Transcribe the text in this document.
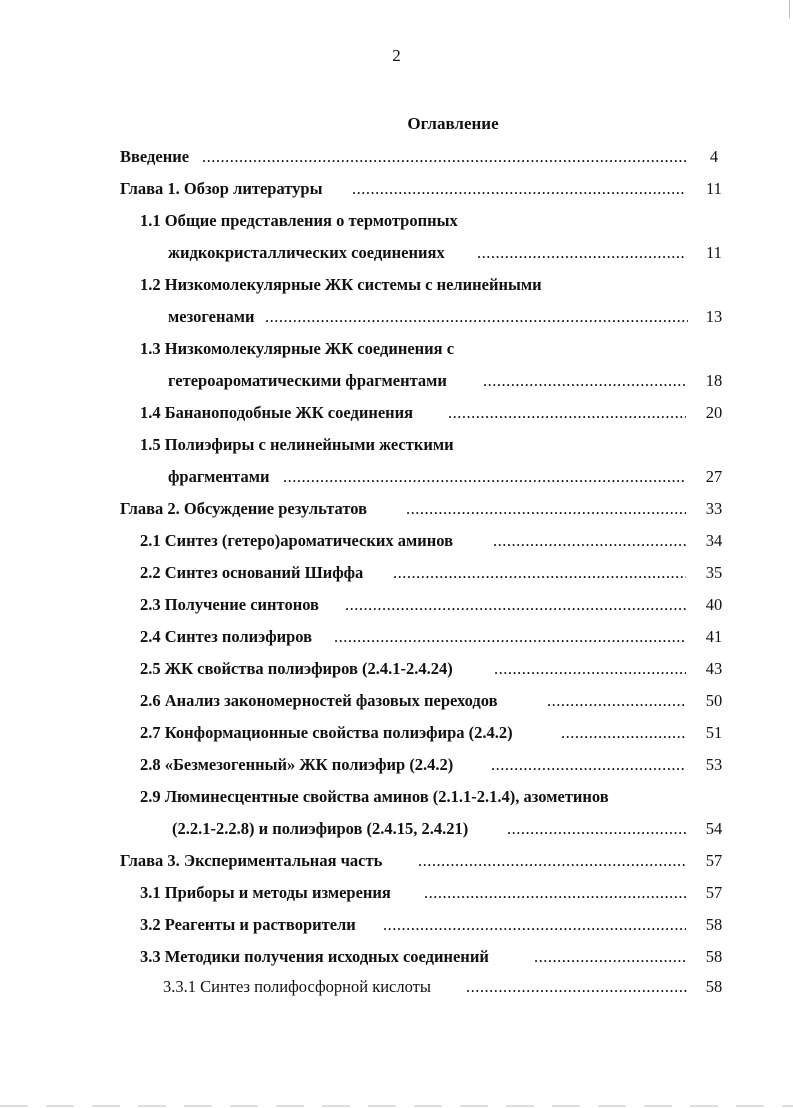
2
Оглавление
Введение .....	4
Глава 1. Обзор литературы .....	11
1.1 Общие представления о термотропных
жидкокристаллических соединениях .....	11
1.2 Низкомолекулярные ЖК системы с нелинейными
мезогенами .....	13
1.3 Низкомолекулярные ЖК соединения с
гетероароматическими фрагментами .....	18
1.4 Бананоподобные ЖК соединения .....	20
1.5 Полиэфиры с нелинейными жесткими
фрагментами .....	27
Глава 2. Обсуждение результатов .....	33
2.1 Синтез (гетеро)ароматических аминов .....	34
2.2 Синтез оснований Шиффа .....	35
2.3 Получение синтонов .....	40
2.4 Синтез полиэфиров .....	41
2.5 ЖК свойства полиэфиров (2.4.1-2.4.24) .....	43
2.6 Анализ закономерностей фазовых переходов .....	50
2.7 Конформационные свойства полиэфира (2.4.2) .....	51
2.8 «Безмезогенный» ЖК полиэфир (2.4.2) .....	53
2.9 Люминесцентные свойства аминов (2.1.1-2.1.4), азометинов
(2.2.1-2.2.8) и полиэфиров (2.4.15, 2.4.21) .....	54
Глава 3. Экспериментальная часть .....	57
3.1 Приборы и методы измерения .....	57
3.2 Реагенты и растворители .....	58
3.3 Методики получения исходных соединений .....	58
3.3.1 Синтез полифосфорной кислоты .....	58
